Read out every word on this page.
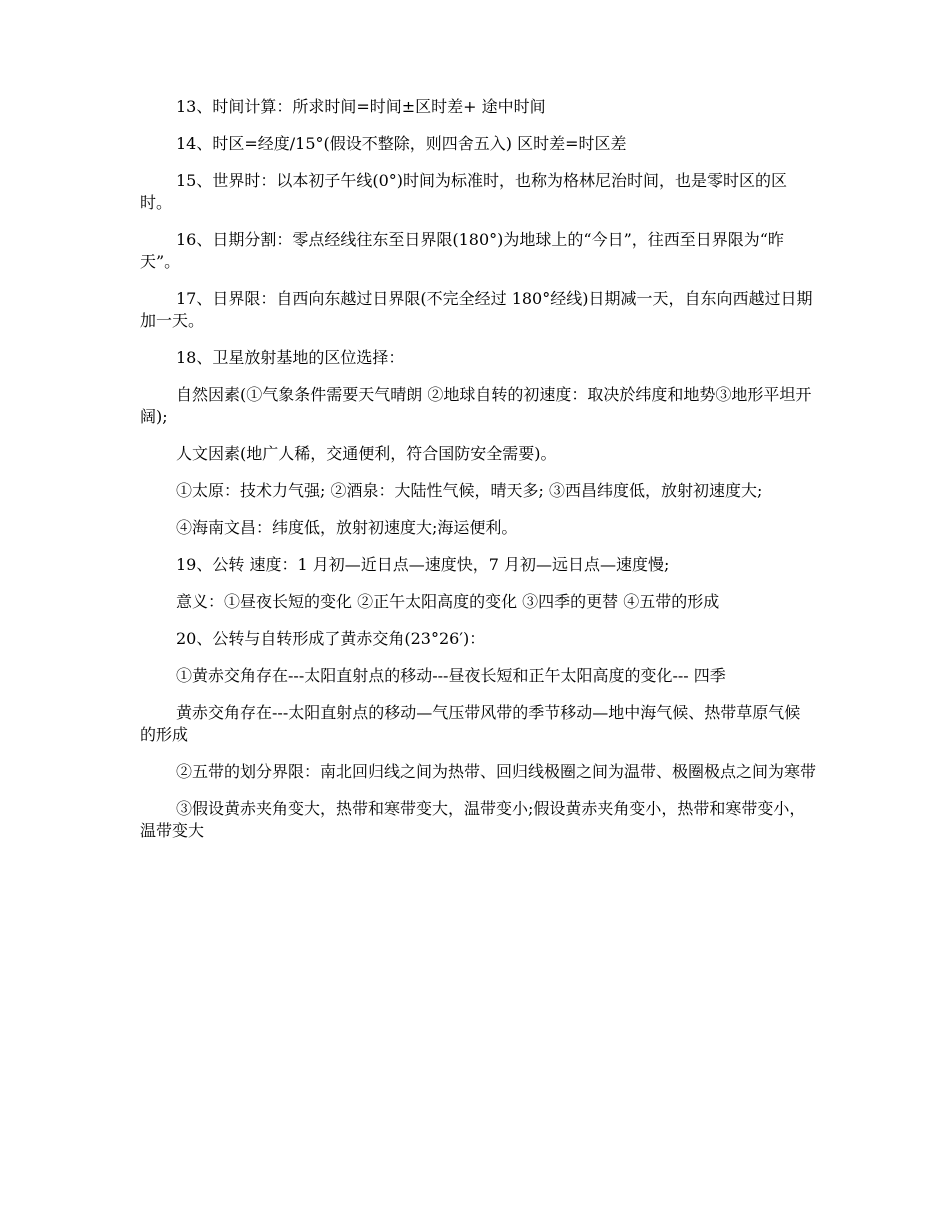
13、时间计算：所求时间=时间±区时差+ 途中时间

14、时区=经度/15°(假设不整除，则四舍五入) 区时差=时区差

15、世界时：以本初子午线(0°)时间为标准时，也称为格林尼治时间，也是零时区的区时。

16、日期分割：零点经线往东至日界限(180°)为地球上的“今日”，往西至日界限为“昨天”。

17、日界限：自西向东越过日界限(不完全经过 180°经线)日期减一天，自东向西越过日期加一天。

18、卫星放射基地的区位选择：

自然因素(①气象条件需要天气晴朗 ②地球自转的初速度：取决於纬度和地势③地形平坦开阔);

人文因素(地广人稀，交通便利，符合国防安全需要)。

①太原：技术力气强; ②酒泉：大陆性气候，晴天多; ③西昌纬度低，放射初速度大;

④海南文昌：纬度低，放射初速度大;海运便利。

19、公转 速度：1 月初—近日点—速度快，7 月初—远日点—速度慢;

意义：①昼夜长短的变化 ②正午太阳高度的变化 ③四季的更替 ④五带的形成

20、公转与自转形成了黄赤交角(23°26′)：

①黄赤交角存在---太阳直射点的移动---昼夜长短和正午太阳高度的变化--- 四季

黄赤交角存在---太阳直射点的移动—气压带风带的季节移动—地中海气候、热带草原气候的形成

②五带的划分界限：南北回归线之间为热带、回归线极圈之间为温带、极圈极点之间为寒带

③假设黄赤夹角变大，热带和寒带变大，温带变小;假设黄赤夹角变小，热带和寒带变小，温带变大
